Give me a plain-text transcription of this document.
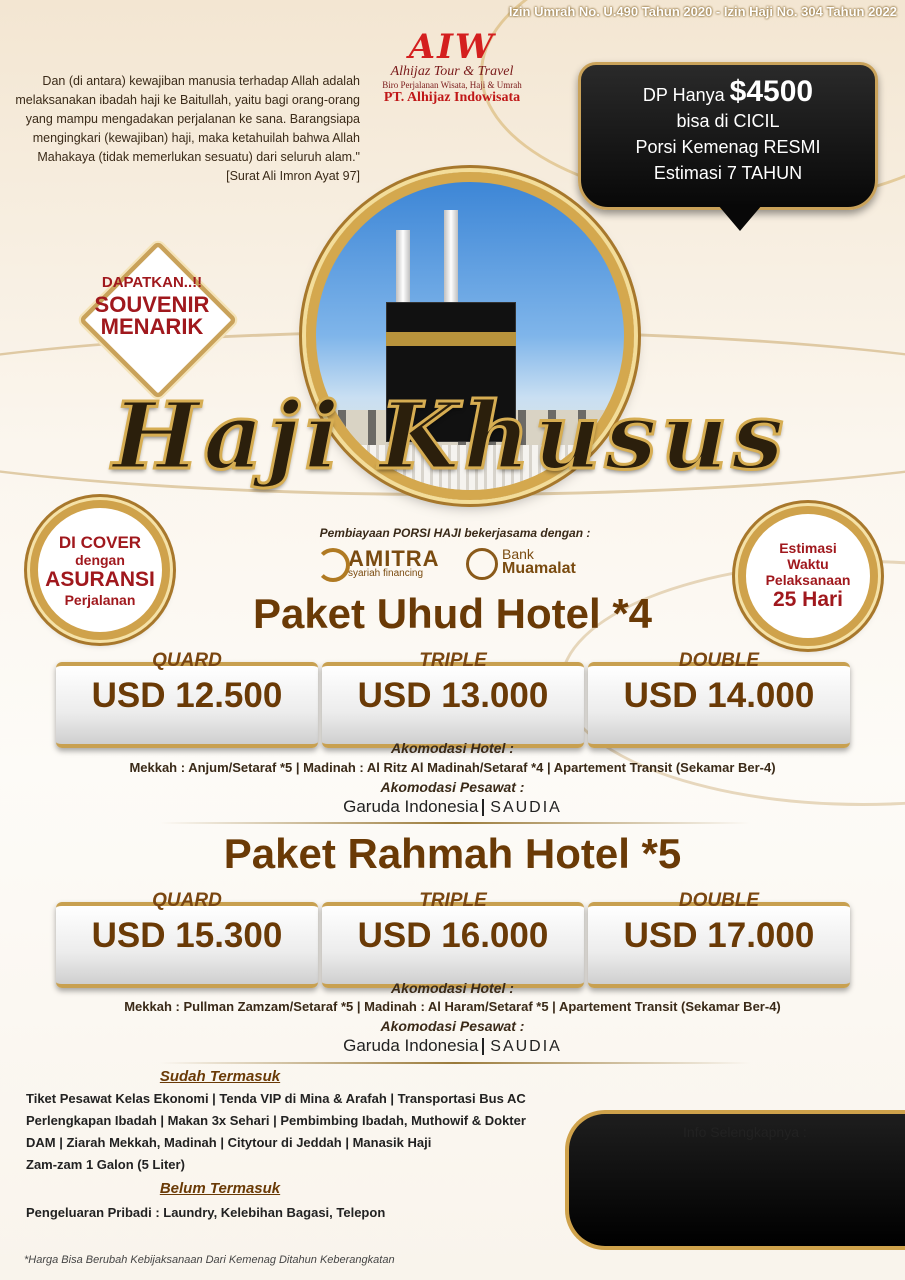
Izin Umrah No. U.490 Tahun 2020 - Izin Haji No. 304 Tahun 2022
AIW
Alhijaz Tour & Travel
Biro Perjalanan Wisata, Haji & Umrah
PT. Alhijaz Indowisata
Dan (di antara) kewajiban manusia terhadap Allah adalah melaksanakan ibadah haji ke Baitullah, yaitu bagi orang-orang yang mampu mengadakan perjalanan ke sana. Barangsiapa mengingkari (kewajiban) haji, maka ketahuilah bahwa Allah Mahakaya (tidak memerlukan sesuatu) dari seluruh alam." [Surat Ali Imron Ayat 97]
DP Hanya $4500
bisa di CICIL
Porsi Kemenag RESMI
Estimasi 7 TAHUN
DAPATKAN..!!
SOUVENIR
MENARIK
Haji Khusus
DI COVER
dengan
ASURANSI
Perjalanan
Estimasi
Waktu
Pelaksanaan
25 Hari
Pembiayaan PORSI HAJI bekerjasama dengan :
AMITRA
syariah financing
Bank
Muamalat
Paket Uhud Hotel *4
QUARD
USD 12.500
TRIPLE
USD 13.000
DOUBLE
USD 14.000
Akomodasi Hotel :
Mekkah : Anjum/Setaraf *5 | Madinah : Al Ritz Al Madinah/Setaraf *4 | Apartement Transit (Sekamar Ber-4)
Akomodasi Pesawat :
Garuda Indonesia SAUDIA
Paket Rahmah Hotel *5
QUARD
USD 15.300
TRIPLE
USD 16.000
DOUBLE
USD 17.000
Akomodasi Hotel :
Mekkah : Pullman Zamzam/Setaraf *5 | Madinah : Al Haram/Setaraf *5 | Apartement Transit (Sekamar Ber-4)
Akomodasi Pesawat :
Garuda Indonesia SAUDIA
Sudah Termasuk
Tiket Pesawat Kelas Ekonomi | Tenda VIP di Mina & Arafah | Transportasi Bus AC
Perlengkapan Ibadah | Makan 3x Sehari | Pembimbing Ibadah, Muthowif & Dokter
DAM | Ziarah Mekkah, Madinah | Citytour di Jeddah | Manasik Haji
Zam-zam 1 Galon (5 Liter)
Belum Termasuk
Pengeluaran Pribadi : Laundry, Kelebihan Bagasi, Telepon
Info Selengkapnya :
*Harga Bisa Berubah Kebijaksanaan Dari Kemenag Ditahun Keberangkatan
